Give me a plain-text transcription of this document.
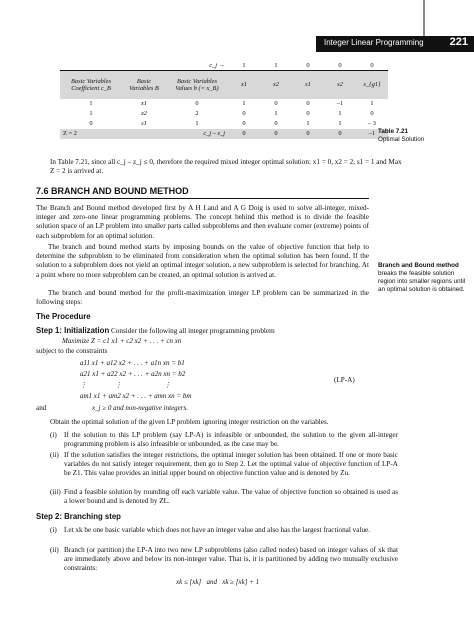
Integer Linear Programming 221
		c_j →	1	1	0	0	0
Basic Variables Coefficient c_B	Basic Variables B	Basic Variables Values b (= x_B)	x1	x2	s1	s2	s_{g1}
1	x1	0	1	0	0	–1	1
1	x2	2	0	1	0	1	0
0	s1	1	0	0	1	1	– 3
Z = 2	c_j – z_j		0	0	0	0	–1 Table 7.21
Optimal Solution
In Table 7.21, since all c_j – z_j ≤ 0, therefore the required mixed integer optimal solution: x1 = 0, x2 = 2, s1 = 1 and Max Z = 2 is arrived at.
7.6 BRANCH AND BOUND METHOD
The Branch and Bound method developed first by A H Land and A G Doig is used to solve all-integer, mixed-integer and zero-one linear programming problems. The concept behind this method is to divide the feasible solution space of an LP problem into smaller parts called subproblems and then evaluate corner (extreme) points of each subproblem for an optimal solution.
The branch and bound method starts by imposing bounds on the value of objective function that help to determine the subproblem to be eliminated from consideration when the optimal solution has been found. If the solution to a subproblem does not yield an optimal integer solution, a new subproblem is selected for branching. At a point where no more subproblem can be created, an optimal solution is arrived at.
The branch and bound method for the profit-maximization integer LP problem can be summarized in the following steps:
Branch and Bound method breaks the feasible solution region into smaller regions until an optimal solution is obtained.
The Procedure
Step 1: Initialization Consider the following all integer programming problem
Maximize Z = c1 x1 + c2 x2 + . . . + cn xn
subject to the constraints
a11 x1 + a12 x2 + . . . + a1n xn = b1
a21 x1 + a22 x2 + . . . + a2n xn = b2
⋮                ⋮                        ⋮
am1 x1 + am2 x2 + . . . + amn xn = bm
(LP-A)
and	x_j ≥ 0 and non-negative integers.
Obtain the optimal solution of the given LP problem ignoring integer restriction on the variables.
(i) If the solution to this LP problem (say LP-A) is infeasible or unbounded, the solution to the given all-integer programming problem is also infeasible or unbounded, as the case may be.
(ii) If the solution satisfies the integer restrictions, the optimal integer solution has been obtained. If one or more basic variables do not satisfy integer requirement, then go to Step 2. Let the optimal value of objective function of LP-A be Z1. This value provides an initial upper bound on objective function value and is denoted by Zu.
(iii) Find a feasible solution by rounding off each variable value. The value of objective function so obtained is used as a lower bound and is denoted by ZL.
Step 2: Branching step
(i) Let xk be one basic variable which does not have an integer value and also has the largest fractional value.
(ii) Branch (or partition) the LP-A into two new LP subproblems (also called nodes) based on integer values of xk that are immediately above and below its non-integer value. That is, it is partitioned by adding two mutually exclusive constraints:
xk ≤ [xk]   and   xk ≥ [xk] + 1
